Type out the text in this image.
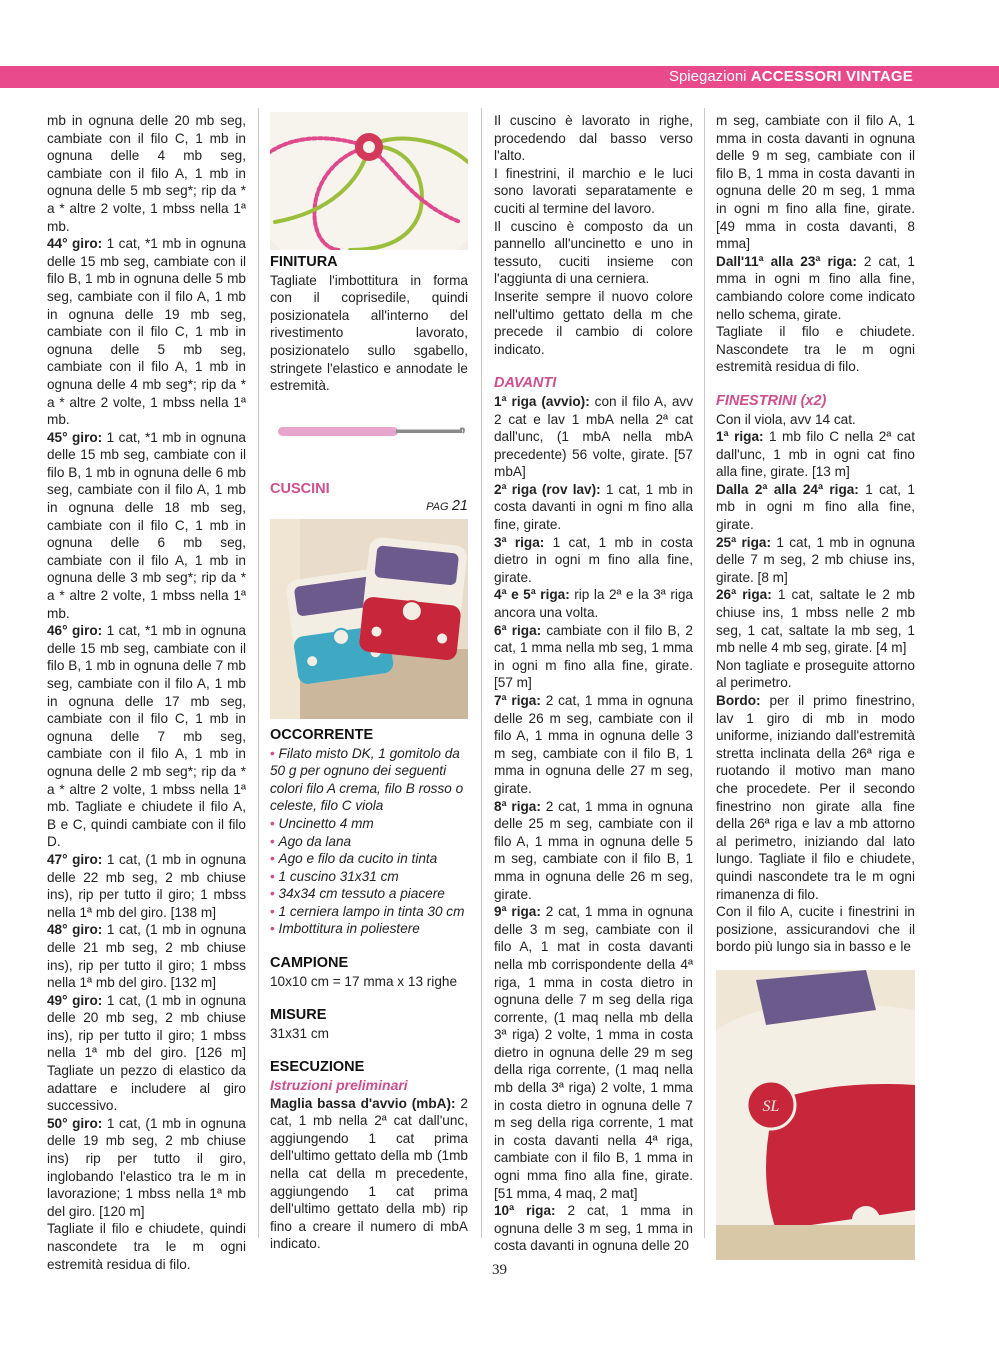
Spiegazioni ACCESSORI VINTAGE

mb in ognuna delle 20 mb seg, cambiate con il filo C, 1 mb in ognuna delle 4 mb seg, cambiate con il filo A, 1 mb in ognuna delle 5 mb seg*; rip da * a * altre 2 volte, 1 mbss nella 1ª mb.

44° giro: 1 cat, *1 mb in ognuna delle 15 mb seg, cambiate con il filo B, 1 mb in ognuna delle 5 mb seg, cambiate con il filo A, 1 mb in ognuna delle 19 mb seg, cambiate con il filo C, 1 mb in ognuna delle 5 mb seg, cambiate con il filo A, 1 mb in ognuna delle 4 mb seg*; rip da * a * altre 2 volte, 1 mbss nella 1ª mb.

45° giro: 1 cat, *1 mb in ognuna delle 15 mb seg, cambiate con il filo B, 1 mb in ognuna delle 6 mb seg, cambiate con il filo A, 1 mb in ognuna delle 18 mb seg, cambiate con il filo C, 1 mb in ognuna delle 6 mb seg, cambiate con il filo A, 1 mb in ognuna delle 3 mb seg*; rip da * a * altre 2 volte, 1 mbss nella 1ª mb.

46° giro: 1 cat, *1 mb in ognuna delle 15 mb seg, cambiate con il filo B, 1 mb in ognuna delle 7 mb seg, cambiate con il filo A, 1 mb in ognuna delle 17 mb seg, cambiate con il filo C, 1 mb in ognuna delle 7 mb seg, cambiate con il filo A, 1 mb in ognuna delle 2 mb seg*; rip da * a * altre 2 volte, 1 mbss nella 1ª mb. Tagliate e chiudete il filo A, B e C, quindi cambiate con il filo D.

47° giro: 1 cat, (1 mb in ognuna delle 22 mb seg, 2 mb chiuse ins), rip per tutto il giro; 1 mbss nella 1ª mb del giro. [138 m]

48° giro: 1 cat, (1 mb in ognuna delle 21 mb seg, 2 mb chiuse ins), rip per tutto il giro; 1 mbss nella 1ª mb del giro. [132 m]

49° giro: 1 cat, (1 mb in ognuna delle 20 mb seg, 2 mb chiuse ins), rip per tutto il giro; 1 mbss nella 1ª mb del giro. [126 m] Tagliate un pezzo di elastico da adattare e includere al giro successivo.

50° giro: 1 cat, (1 mb in ognuna delle 19 mb seg, 2 mb chiuse ins) rip per tutto il giro, inglobando l'elastico tra le m in lavorazione; 1 mbss nella 1ª mb del giro. [120 m]

Tagliate il filo e chiudete, quindi nascondete tra le m ogni estremità residua di filo.

FINITURA

Tagliate l'imbottitura in forma con il coprisedile, quindi posizionatela all'interno del rivestimento lavorato, posizionatelo sullo sgabello, stringete l'elastico e annodate le estremità.

CUSCINI

PAG 21

OCCORRENTE

• Filato misto DK, 1 gomitolo da 50 g per ognuno dei seguenti colori filo A crema, filo B rosso o celeste, filo C viola

• Uncinetto 4 mm

• Ago da lana

• Ago e filo da cucito in tinta

• 1 cuscino 31x31 cm

• 34x34 cm tessuto a piacere

• 1 cerniera lampo in tinta 30 cm

• Imbottitura in poliestere

CAMPIONE

10x10 cm = 17 mma x 13 righe

MISURE

31x31 cm

ESECUZIONE

Istruzioni preliminari

Maglia bassa d'avvio (mbA): 2 cat, 1 mb nella 2ª cat dall'unc, aggiungendo 1 cat prima dell'ultimo gettato della mb (1mb nella cat della m precedente, aggiungendo 1 cat prima dell'ultimo gettato della mb) rip fino a creare il numero di mbA indicato.

Il cuscino è lavorato in righe, procedendo dal basso verso l'alto.

I finestrini, il marchio e le luci sono lavorati separatamente e cuciti al termine del lavoro.

Il cuscino è composto da un pannello all'uncinetto e uno in tessuto, cuciti insieme con l'aggiunta di una cerniera.

Inserite sempre il nuovo colore nell'ultimo gettato della m che precede il cambio di colore indicato.

DAVANTI

1ª riga (avvio): con il filo A, avv 2 cat e lav 1 mbA nella 2ª cat dall'unc, (1 mbA nella mbA precedente) 56 volte, girate. [57 mbA]

2ª riga (rov lav): 1 cat, 1 mb in costa davanti in ogni m fino alla fine, girate.

3ª riga: 1 cat, 1 mb in costa dietro in ogni m fino alla fine, girate.

4ª e 5ª riga: rip la 2ª e la 3ª riga ancora una volta.

6ª riga: cambiate con il filo B, 2 cat, 1 mma nella mb seg, 1 mma in ogni m fino alla fine, girate. [57 m]

7ª riga: 2 cat, 1 mma in ognuna delle 26 m seg, cambiate con il filo A, 1 mma in ognuna delle 3 m seg, cambiate con il filo B, 1 mma in ognuna delle 27 m seg, girate.

8ª riga: 2 cat, 1 mma in ognuna delle 25 m seg, cambiate con il filo A, 1 mma in ognuna delle 5 m seg, cambiate con il filo B, 1 mma in ognuna delle 26 m seg, girate.

9ª riga: 2 cat, 1 mma in ognuna delle 3 m seg, cambiate con il filo A, 1 mat in costa davanti nella mb corrispondente della 4ª riga, 1 mma in costa dietro in ognuna delle 7 m seg della riga corrente, (1 maq nella mb della 3ª riga) 2 volte, 1 mma in costa dietro in ognuna delle 29 m seg della riga corrente, (1 maq nella mb della 3ª riga) 2 volte, 1 mma in costa dietro in ognuna delle 7 m seg della riga corrente, 1 mat in costa davanti nella 4ª riga, cambiate con il filo B, 1 mma in ogni mma fino alla fine, girate. [51 mma, 4 maq, 2 mat]

10ª riga: 2 cat, 1 mma in ognuna delle 3 m seg, 1 mma in costa davanti in ognuna delle 20

m seg, cambiate con il filo A, 1 mma in costa davanti in ognuna delle 9 m seg, cambiate con il filo B, 1 mma in costa davanti in ognuna delle 20 m seg, 1 mma in ogni m fino alla fine, girate. [49 mma in costa davanti, 8 mma]

Dall'11ª alla 23ª riga: 2 cat, 1 mma in ogni m fino alla fine, cambiando colore come indicato nello schema, girate.

Tagliate il filo e chiudete. Nascondete tra le m ogni estremità residua di filo.

FINESTRINI (x2)

Con il viola, avv 14 cat.

1ª riga: 1 mb filo C nella 2ª cat dall'unc, 1 mb in ogni cat fino alla fine, girate. [13 m]

Dalla 2ª alla 24ª riga: 1 cat, 1 mb in ogni m fino alla fine, girate.

25ª riga: 1 cat, 1 mb in ognuna delle 7 m seg, 2 mb chiuse ins, girate. [8 m]

26ª riga: 1 cat, saltate le 2 mb chiuse ins, 1 mbss nelle 2 mb seg, 1 cat, saltate la mb seg, 1 mb nelle 4 mb seg, girate. [4 m]

Non tagliate e proseguite attorno al perimetro.

Bordo: per il primo finestrino, lav 1 giro di mb in modo uniforme, iniziando dall'estremità stretta inclinata della 26ª riga e ruotando il motivo man mano che procedete. Per il secondo finestrino non girate alla fine della 26ª riga e lav a mb attorno al perimetro, iniziando dal lato lungo. Tagliate il filo e chiudete, quindi nascondete tra le m ogni rimanenza di filo.

Con il filo A, cucite i finestrini in posizione, assicurandovi che il bordo più lungo sia in basso e le

SL
39
